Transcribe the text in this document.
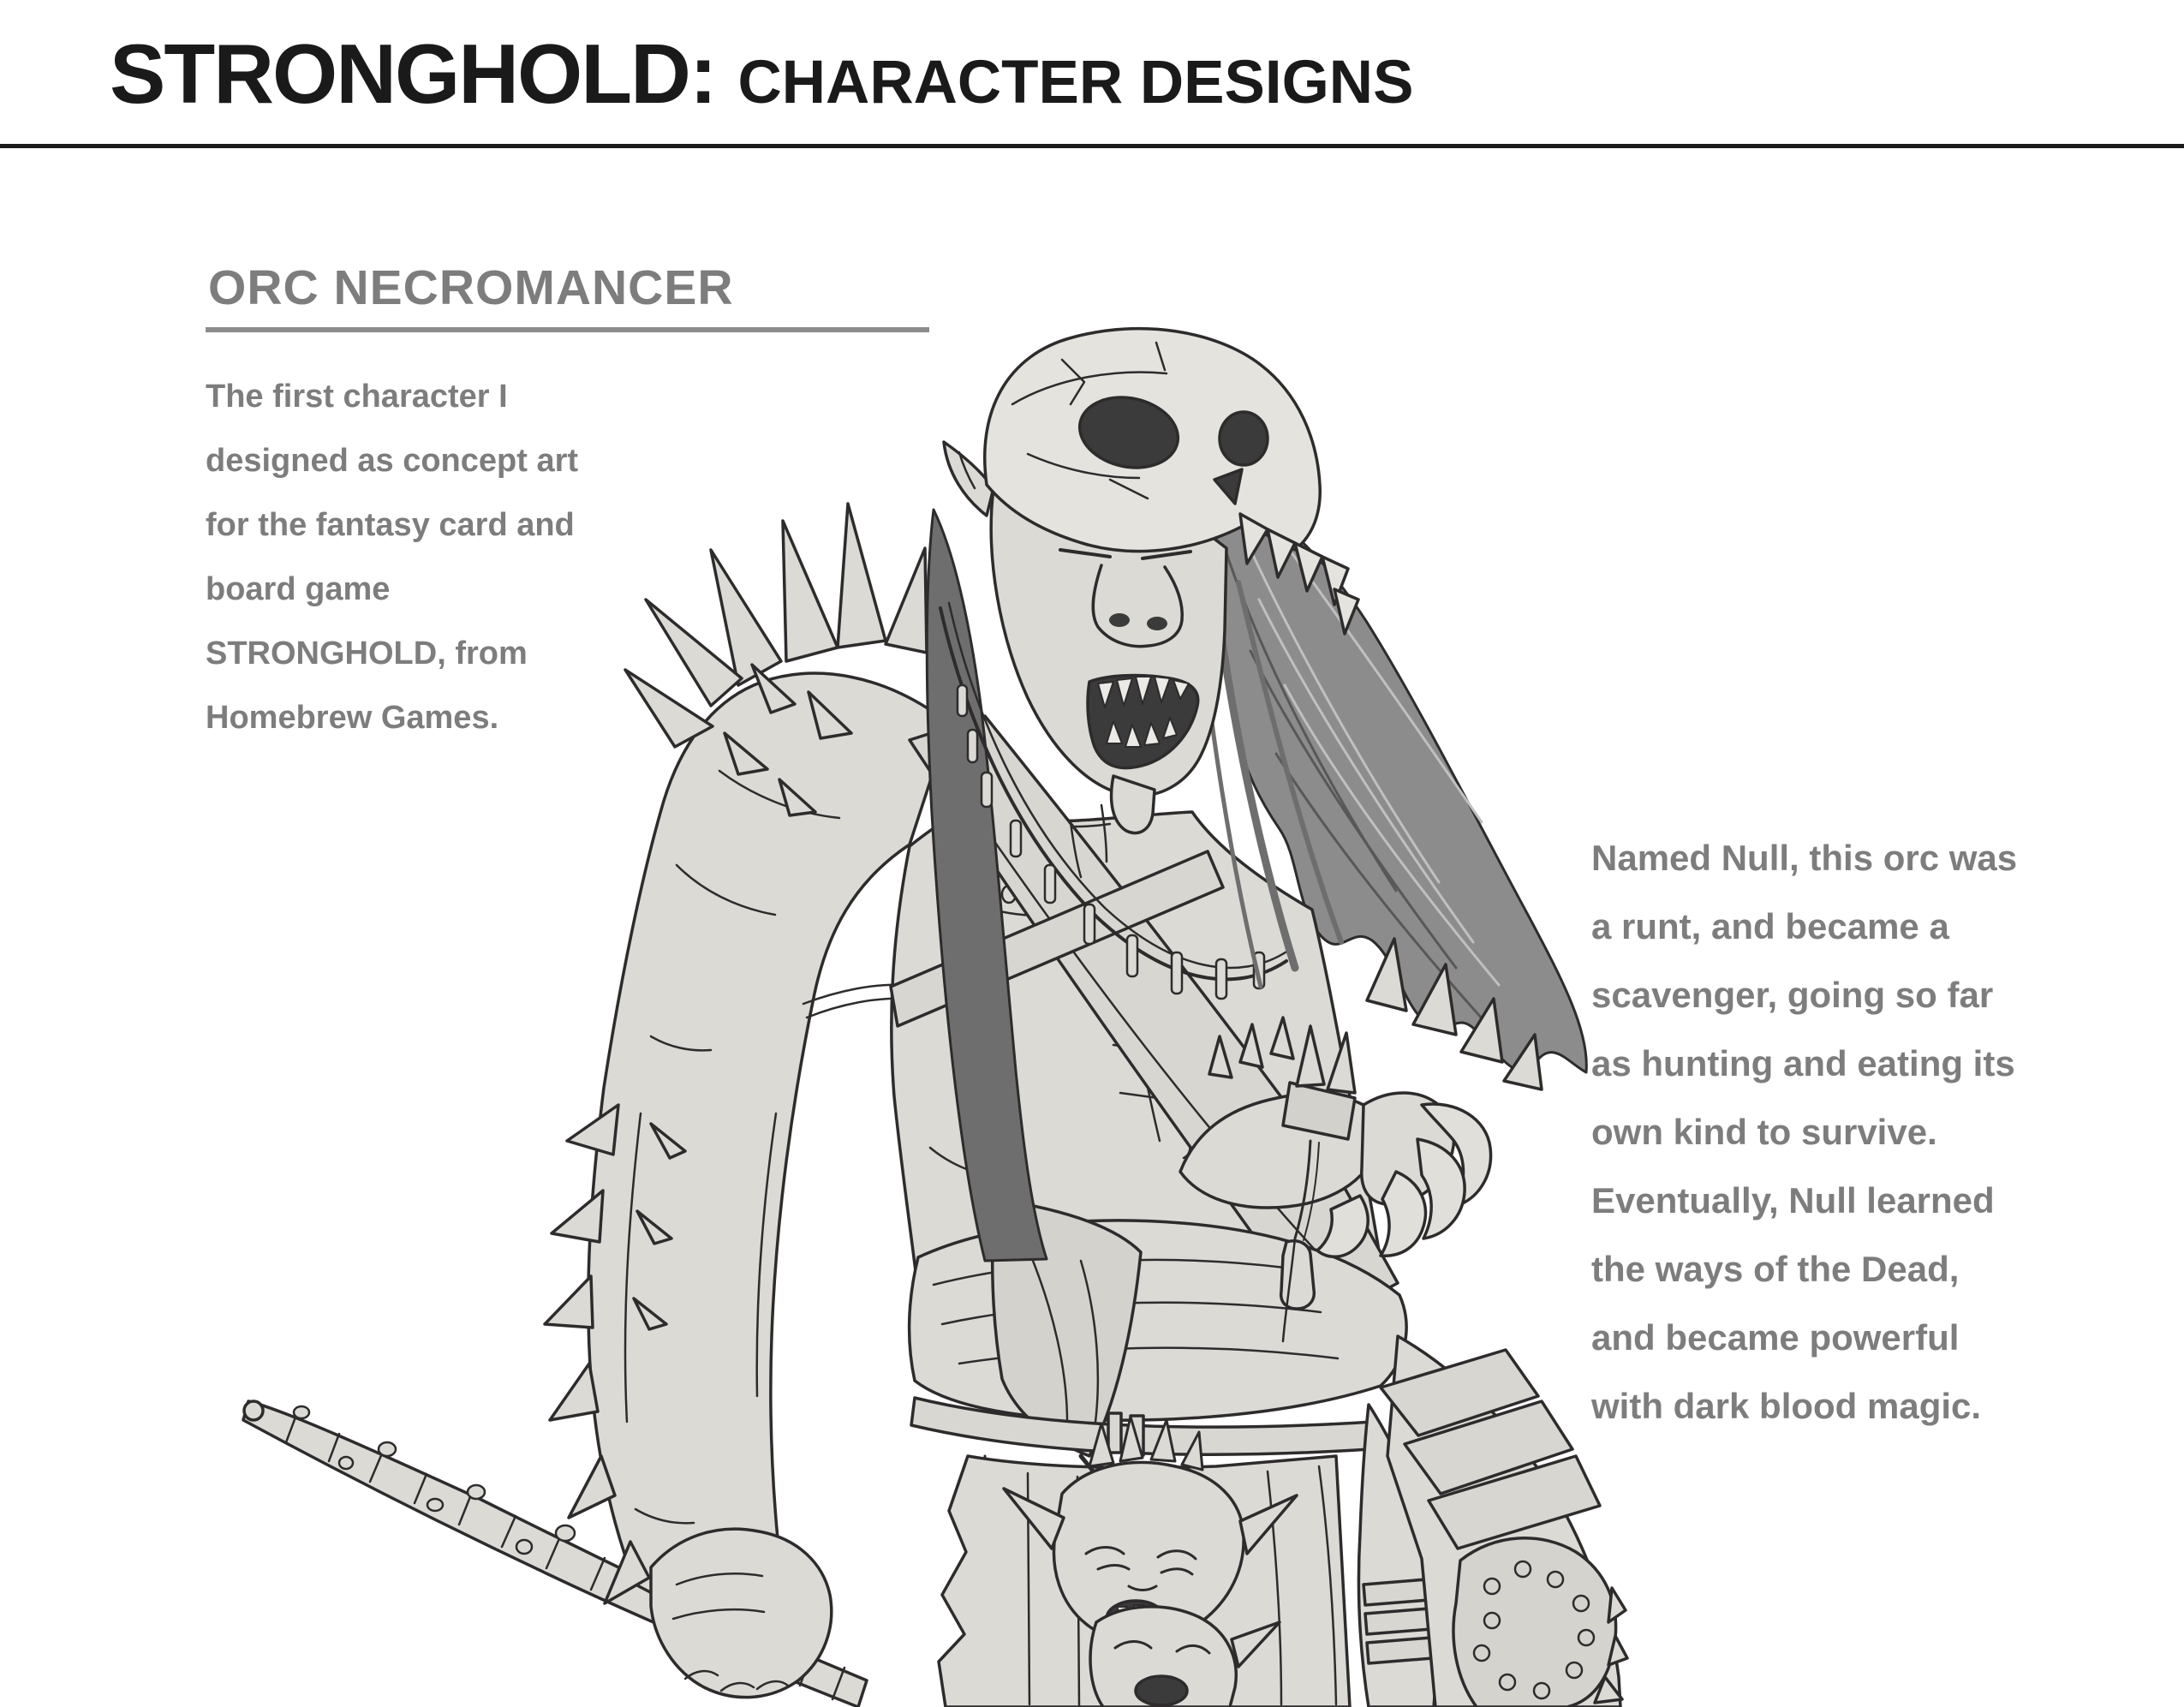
STRONGHOLD: CHARACTER DESIGNS
ORC NECROMANCER
The first character I
designed as concept art
for the fantasy card and
board game
STRONGHOLD, from
Homebrew Games.
Named Null, this orc was
a runt, and became a
scavenger, going so far
as hunting and eating its
own kind to survive.
Eventually, Null learned
the ways of the Dead,
and became powerful
with dark blood magic.
